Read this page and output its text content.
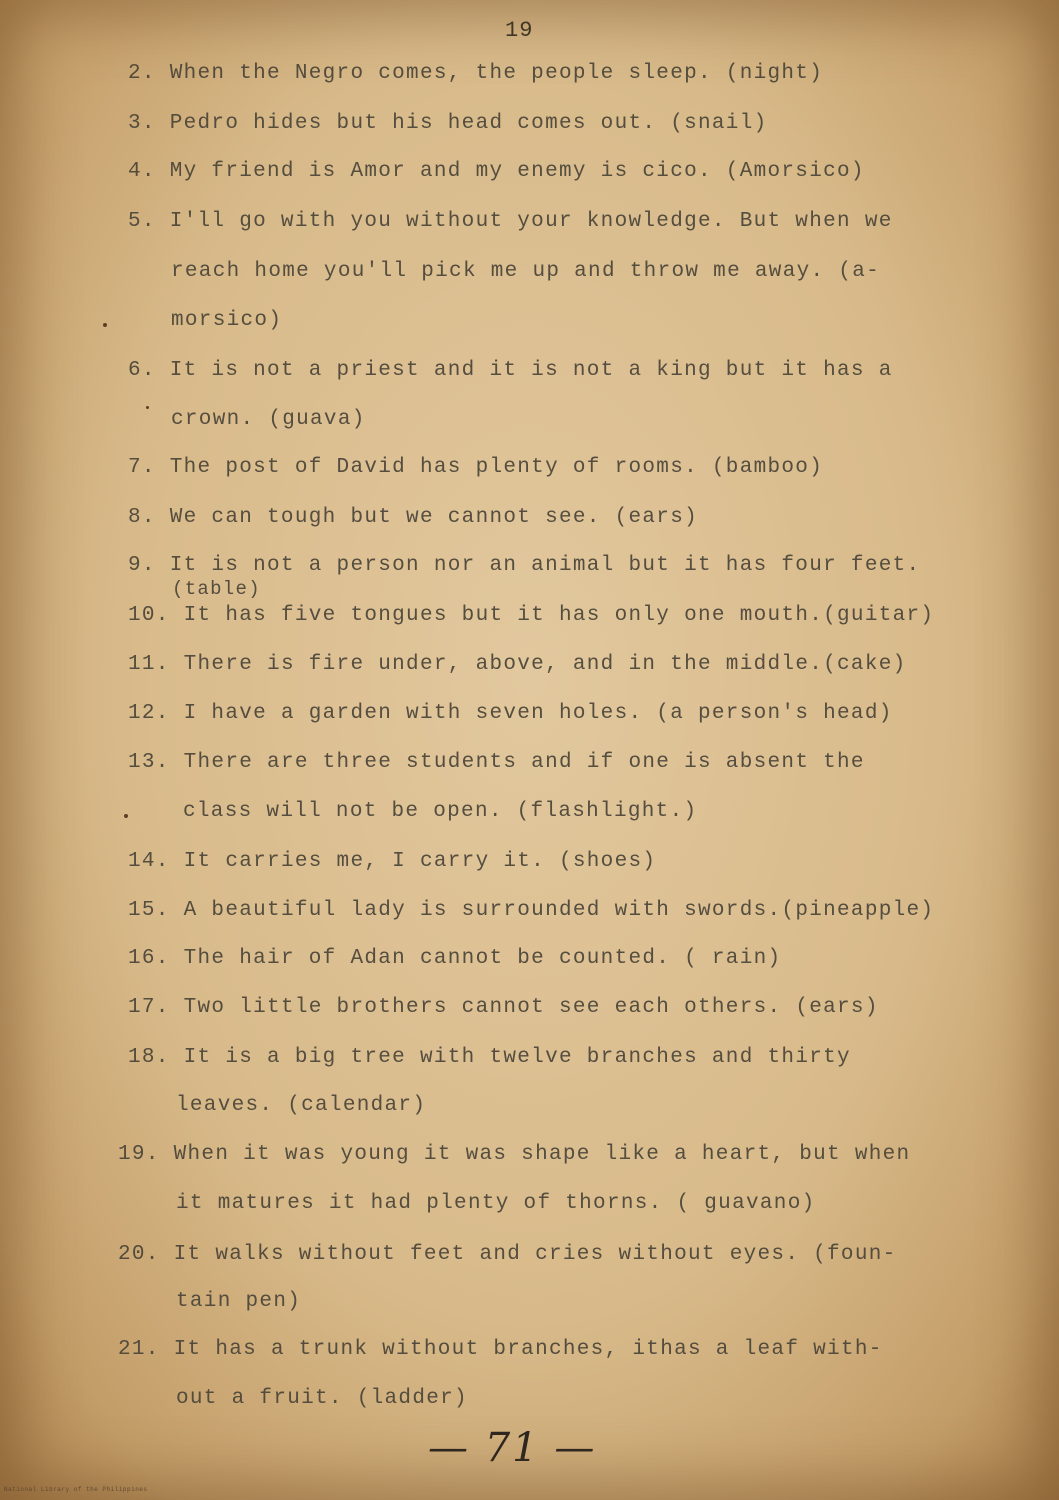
19
2. When the Negro comes, the people sleep. (night)
3. Pedro hides but his head comes out. (snail)
4. My friend is Amor and my enemy is cico. (Amorsico)
5. I'll go with you without your knowledge. But when we
reach home you'll pick me up and throw me away. (a-
morsico)
6. It is not a priest and it is not a king but it has a
crown. (guava)
7. The post of David has plenty of rooms. (bamboo)
8. We can tough but we cannot see. (ears)
9. It is not a person nor an animal but it has four feet.
(table)
10. It has five tongues but it has only one mouth.(guitar)
11. There is fire under, above, and in the middle.(cake)
12. I have a garden with seven holes. (a person's head)
13. There are three students and if one is absent the
class will not be open. (flashlight.)
14. It carries me, I carry it. (shoes)
15. A beautiful lady is surrounded with swords.(pineapple)
16. The hair of Adan cannot be counted. ( rain)
17. Two little brothers cannot see each others. (ears)
18. It is a big tree with twelve branches and thirty
leaves. (calendar)
19. When it was young it was shape like a heart, but when
it matures it had plenty of thorns. ( guavano)
20. It walks without feet and cries without eyes. (foun-
tain pen)
21. It has a trunk without branches, ithas a leaf with-
out a fruit. (ladder)
— 71 —
National Library of the Philippines
